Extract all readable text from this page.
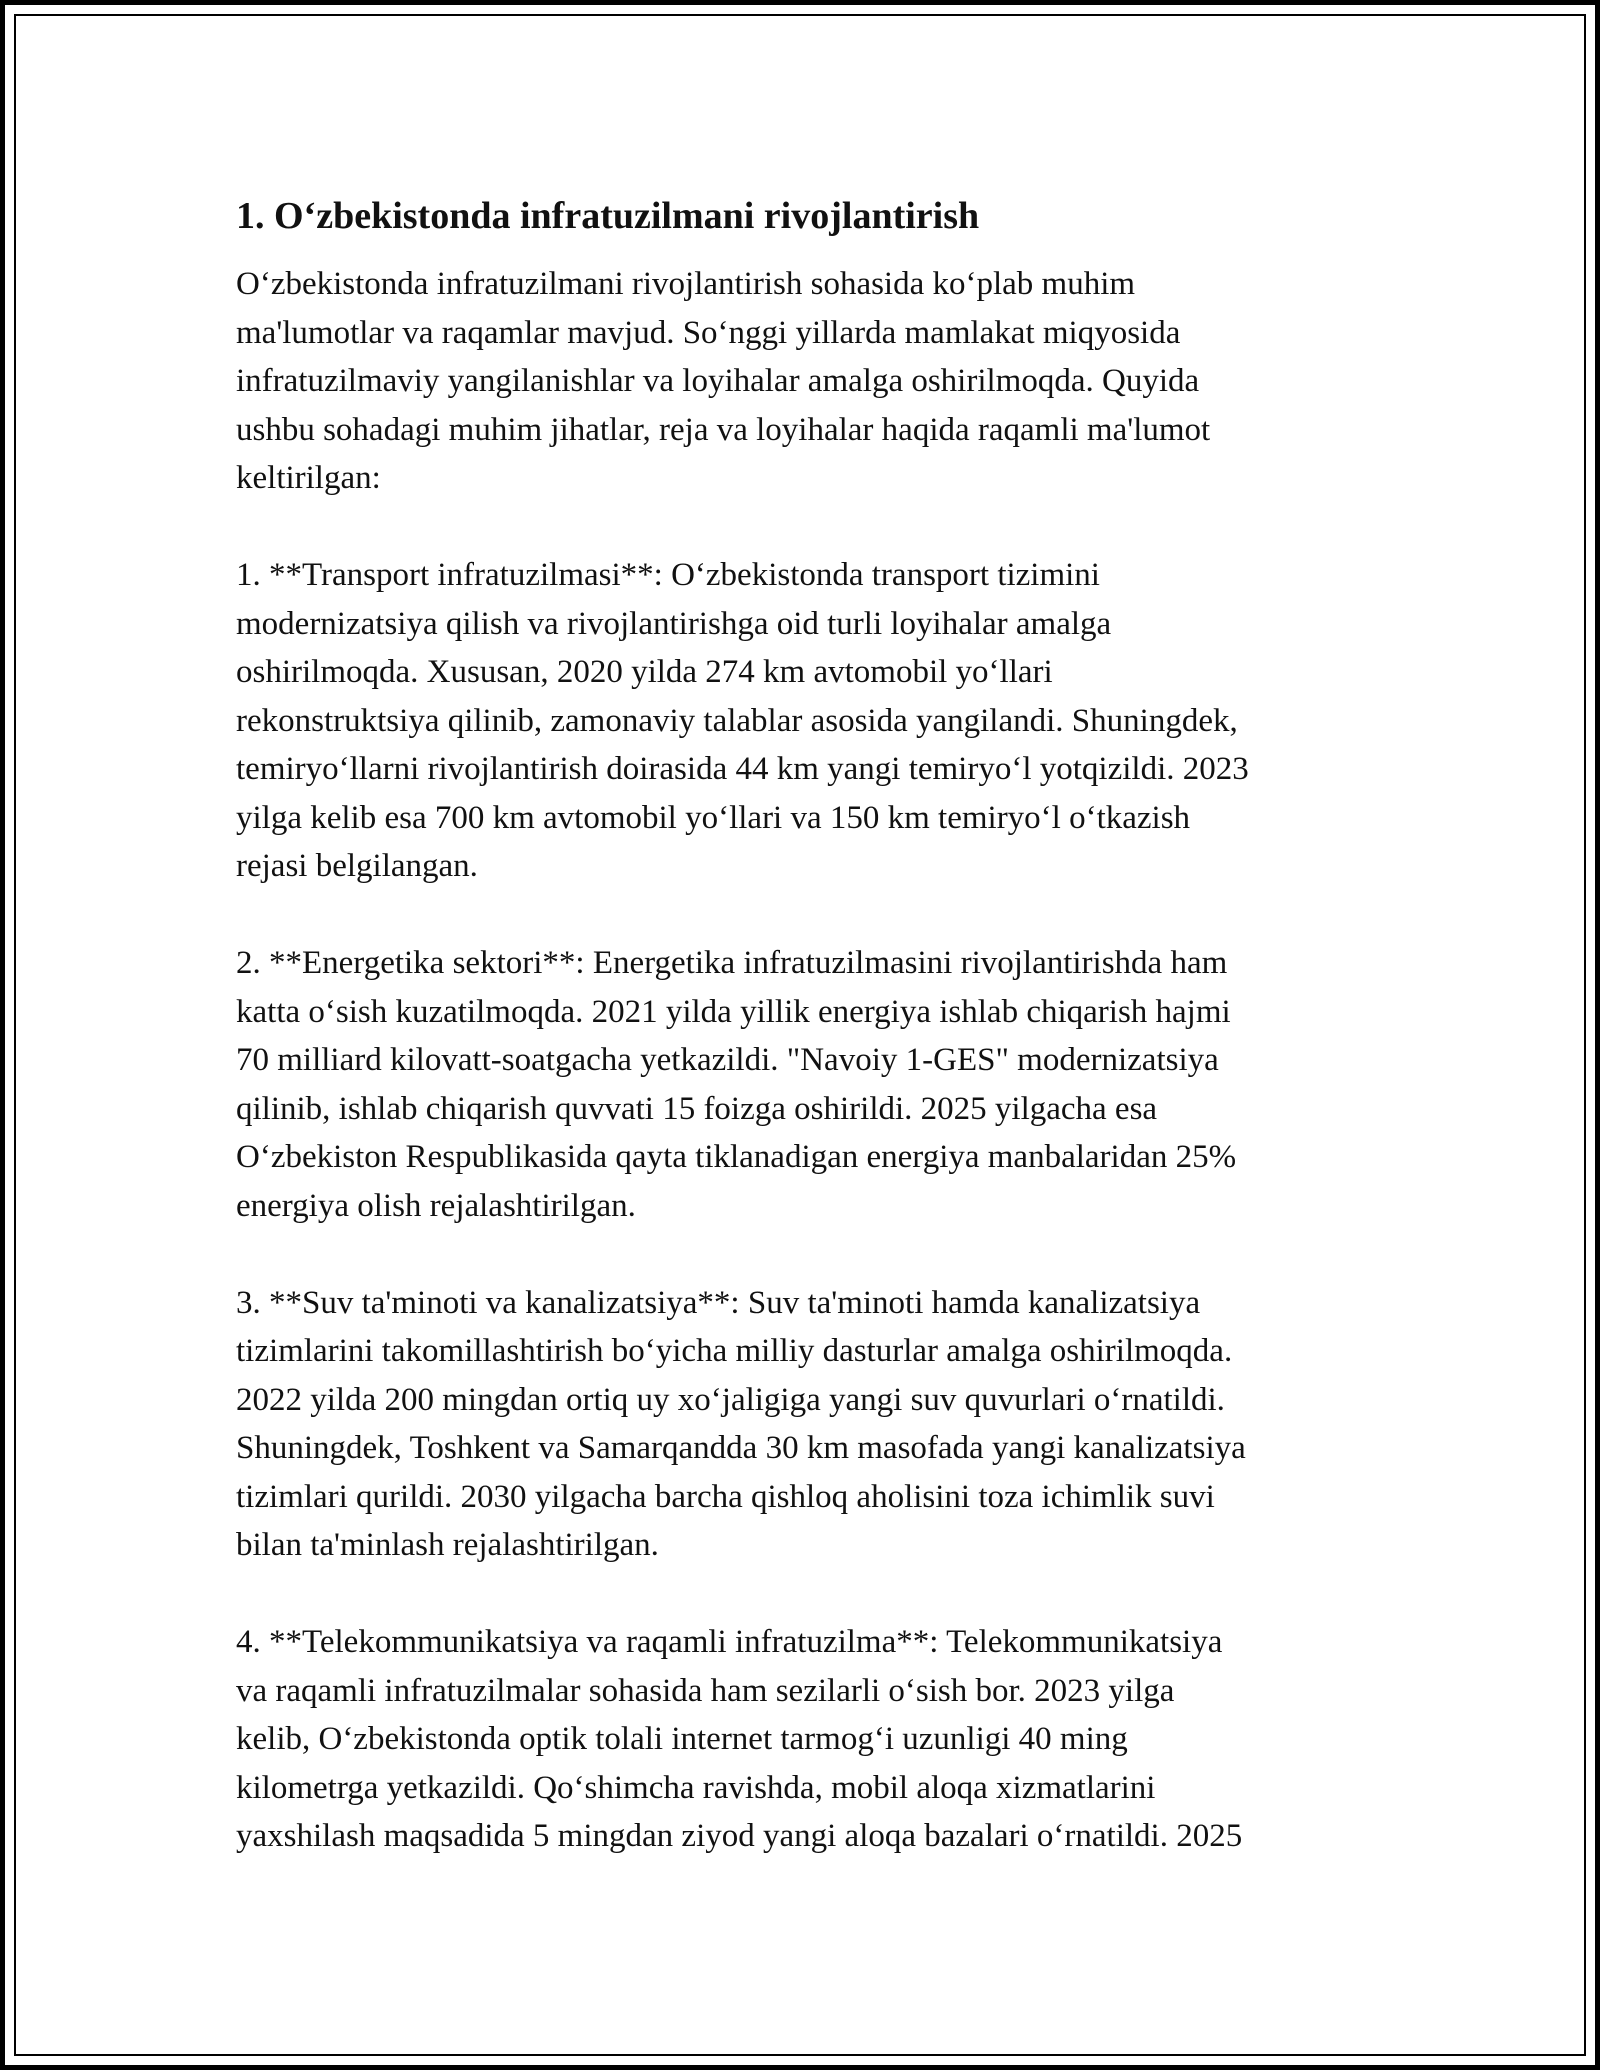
1. O‘zbekistonda infratuzilmani rivojlantirish

O‘zbekistonda infratuzilmani rivojlantirish sohasida ko‘plab muhim
ma'lumotlar va raqamlar mavjud. So‘nggi yillarda mamlakat miqyosida
infratuzilmaviy yangilanishlar va loyihalar amalga oshirilmoqda. Quyida
ushbu sohadagi muhim jihatlar, reja va loyihalar haqida raqamli ma'lumot
keltirilgan:

1. **Transport infratuzilmasi**: O‘zbekistonda transport tizimini
modernizatsiya qilish va rivojlantirishga oid turli loyihalar amalga
oshirilmoqda. Xususan, 2020 yilda 274 km avtomobil yo‘llari
rekonstruktsiya qilinib, zamonaviy talablar asosida yangilandi. Shuningdek,
temiryo‘llarni rivojlantirish doirasida 44 km yangi temiryo‘l yotqizildi. 2023
yilga kelib esa 700 km avtomobil yo‘llari va 150 km temiryo‘l o‘tkazish
rejasi belgilangan.

2. **Energetika sektori**: Energetika infratuzilmasini rivojlantirishda ham
katta o‘sish kuzatilmoqda. 2021 yilda yillik energiya ishlab chiqarish hajmi
70 milliard kilovatt-soatgacha yetkazildi. "Navoiy 1-GES" modernizatsiya
qilinib, ishlab chiqarish quvvati 15 foizga oshirildi. 2025 yilgacha esa
O‘zbekiston Respublikasida qayta tiklanadigan energiya manbalaridan 25%
energiya olish rejalashtirilgan.

3. **Suv ta'minoti va kanalizatsiya**: Suv ta'minoti hamda kanalizatsiya
tizimlarini takomillashtirish bo‘yicha milliy dasturlar amalga oshirilmoqda.
2022 yilda 200 mingdan ortiq uy xo‘jaligiga yangi suv quvurlari o‘rnatildi.
Shuningdek, Toshkent va Samarqandda 30 km masofada yangi kanalizatsiya
tizimlari qurildi. 2030 yilgacha barcha qishloq aholisini toza ichimlik suvi
bilan ta'minlash rejalashtirilgan.

4. **Telekommunikatsiya va raqamli infratuzilma**: Telekommunikatsiya
va raqamli infratuzilmalar sohasida ham sezilarli o‘sish bor. 2023 yilga
kelib, O‘zbekistonda optik tolali internet tarmog‘i uzunligi 40 ming
kilometrga yetkazildi. Qo‘shimcha ravishda, mobil aloqa xizmatlarini
yaxshilash maqsadida 5 mingdan ziyod yangi aloqa bazalari o‘rnatildi. 2025
